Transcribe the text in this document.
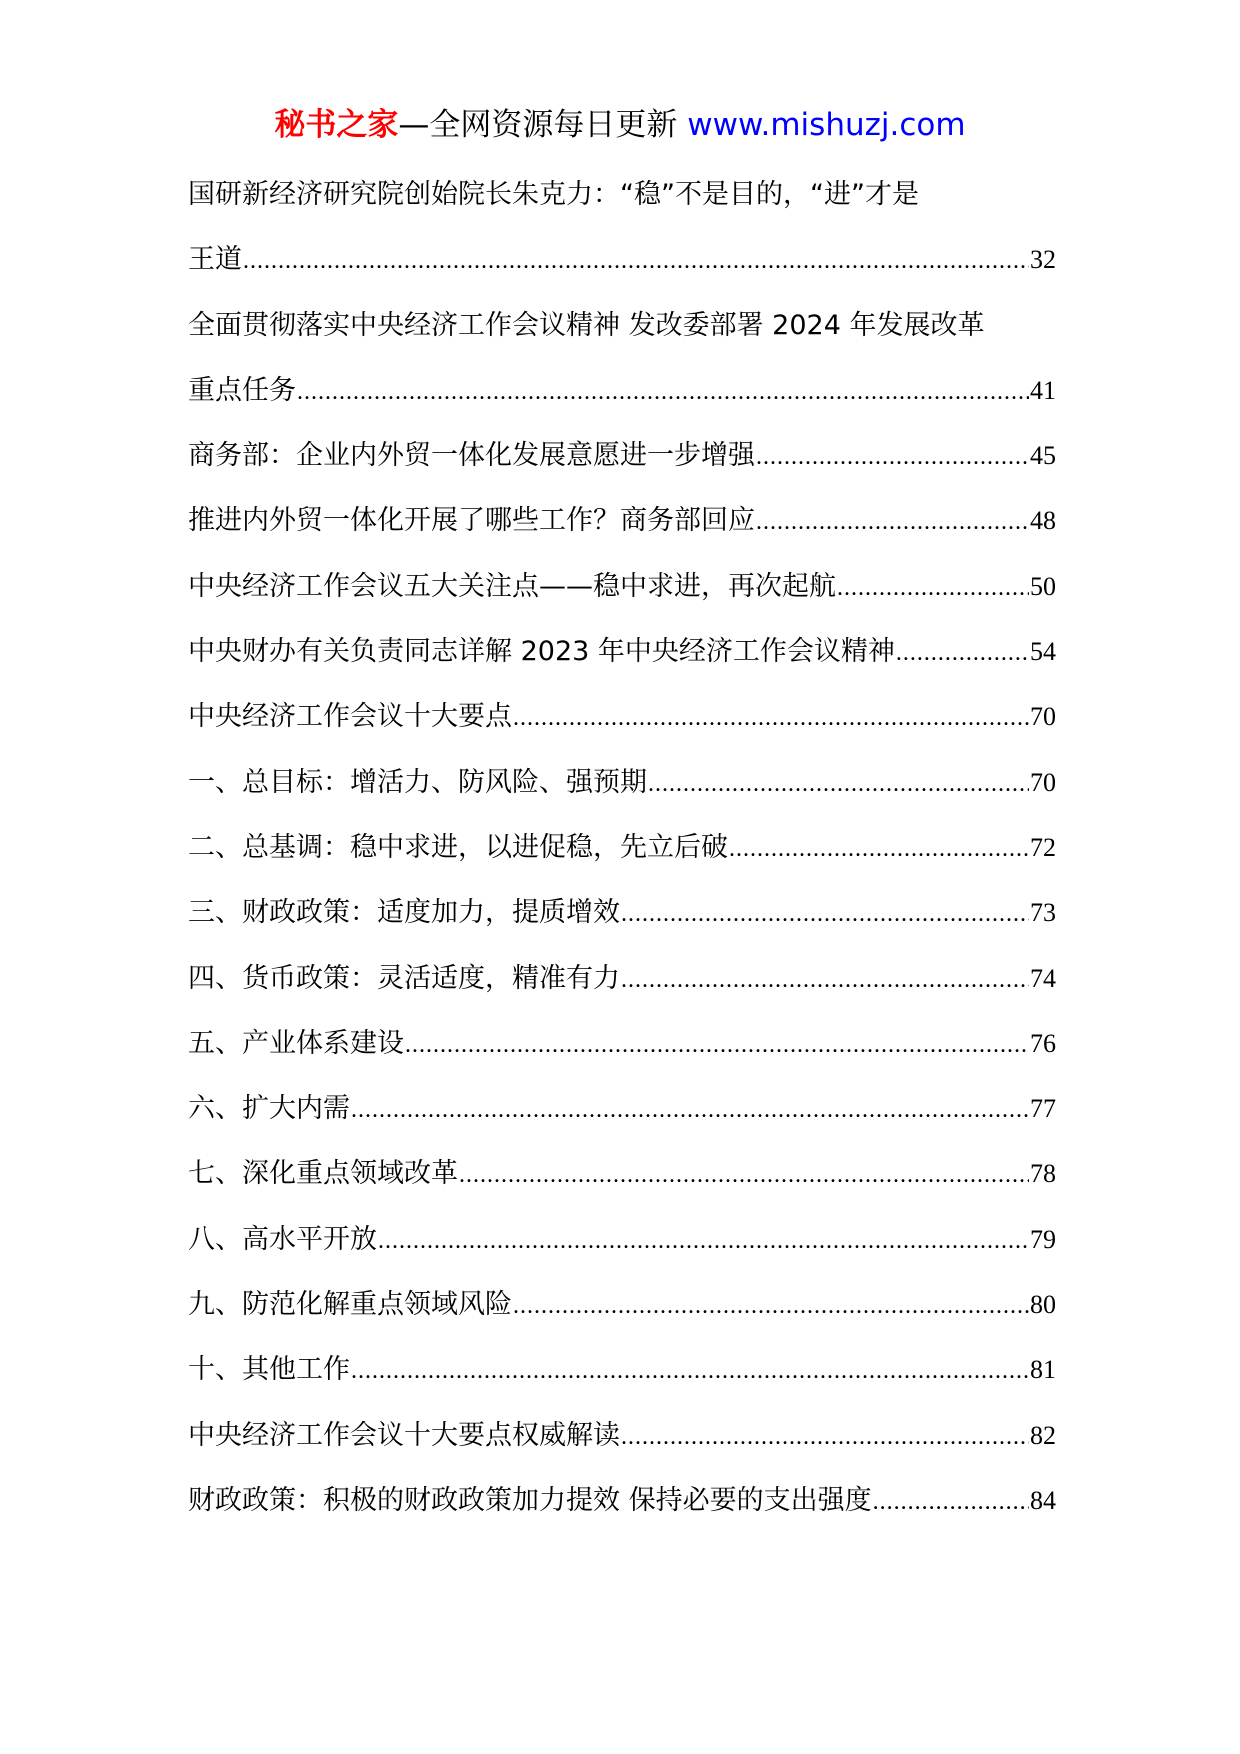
秘书之家—全网资源每日更新 www.mishuzj.com
国研新经济研究院创始院长朱克力：“稳”不是目的，“进”才是
王道 .....	32
全面贯彻落实中央经济工作会议精神 发改委部署 2024 年发展改革
重点任务 .....	41
商务部：企业内外贸一体化发展意愿进一步增强 .....	45
推进内外贸一体化开展了哪些工作？商务部回应 .....	48
中央经济工作会议五大关注点——稳中求进，再次起航 .....	50
中央财办有关负责同志详解 2023 年中央经济工作会议精神 .....	54
中央经济工作会议十大要点 .....	70
一、总目标：增活力、防风险、强预期 .....	70
二、总基调：稳中求进，以进促稳，先立后破 .....	72
三、财政政策：适度加力，提质增效 .....	73
四、货币政策：灵活适度，精准有力 .....	74
五、产业体系建设 .....	76
六、扩大内需 .....	77
七、深化重点领域改革 .....	78
八、高水平开放 .....	79
九、防范化解重点领域风险 .....	80
十、其他工作 .....	81
中央经济工作会议十大要点权威解读 .....	82
财政政策：积极的财政政策加力提效 保持必要的支出强度 .....	84
